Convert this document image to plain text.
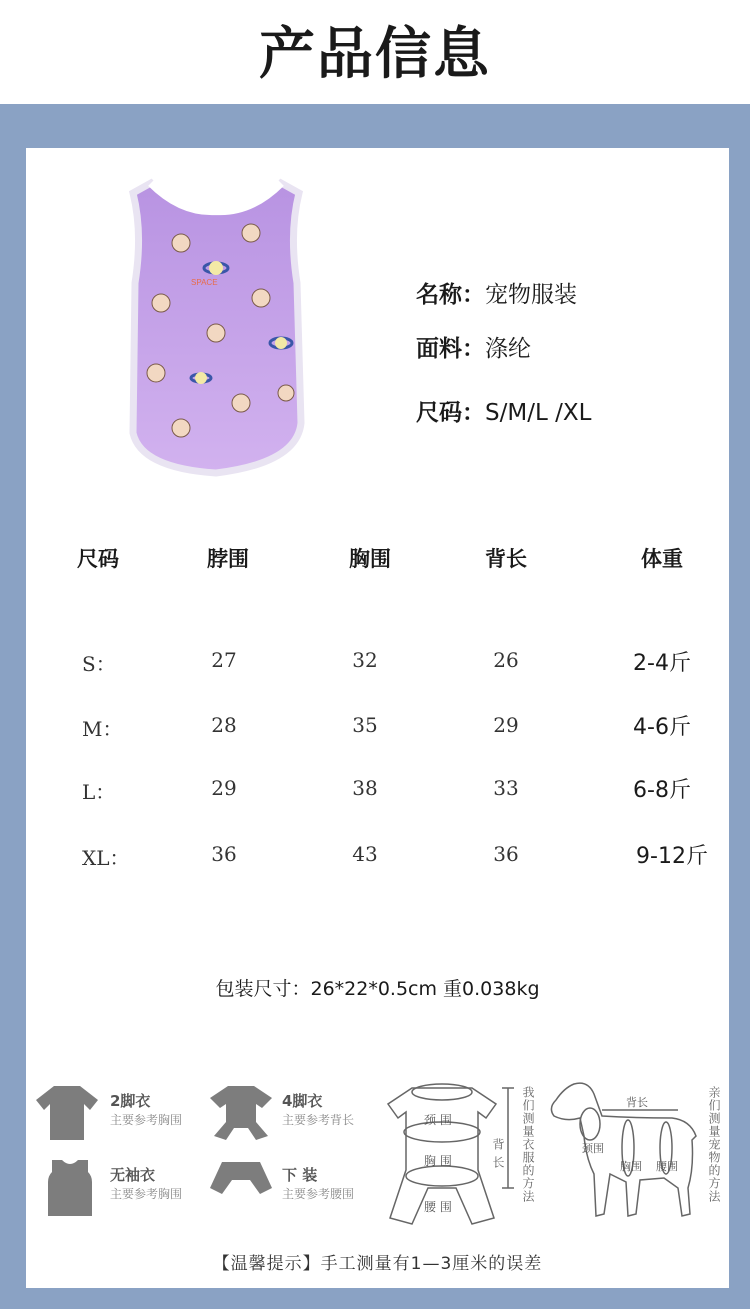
产品信息
SPACE	名称：宠物服装
面料：涤纶
尺码：S/M/L /XL
尺码	脖围	胸围	背长	体重
S：	27	32	26	2-4斤
M：	28	35	29	4-6斤
L：	29	38	33	6-8斤
XL：	36	43	36	9-12斤
包装尺寸：26*22*0.5cm 重0.038kg
2脚衣
主要参考胸围
4脚衣
主要参考背长
无袖衣
主要参考胸围
下 装
主要参考腰围
颈 围
胸 围
腰 围
背 长 我们测量衣服的方法	颈围
胸围 腰围
背长	亲们测量宠物的方法
【温馨提示】手工测量有1—3厘米的误差
